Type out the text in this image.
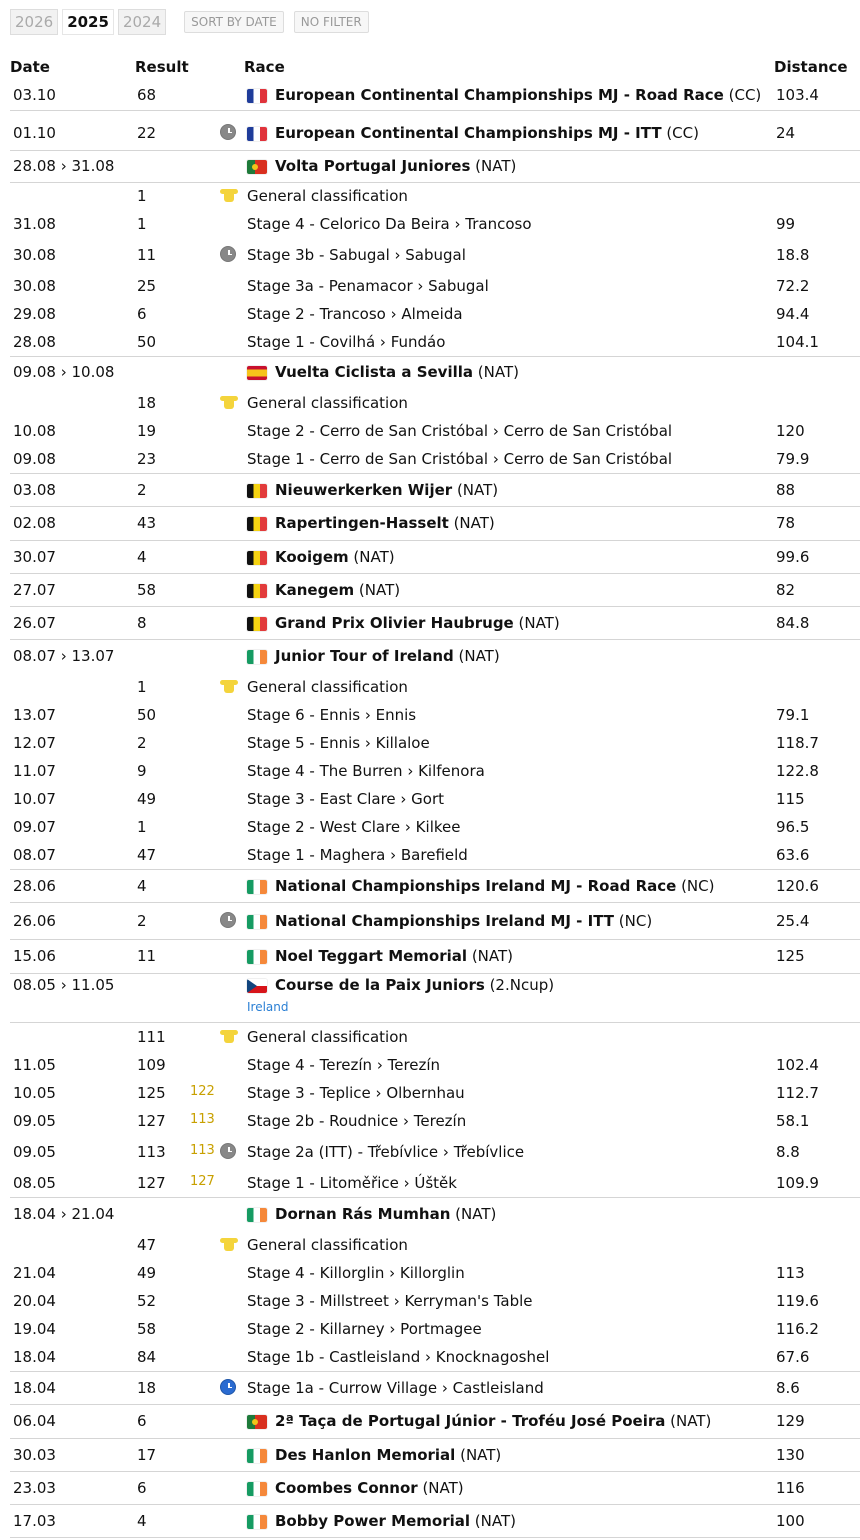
2026 2025 2024	SORT BY DATE	NO FILTER
Date	Result	Race	Distance
03.10	68	European Continental Championships MJ - Road Race (CC) 103.4
01.10	22	European Continental Championships MJ - ITT (CC)	24
28.08 › 31.08	Volta Portugal Juniores (NAT)
1	General classification
31.08	1	Stage 4 - Celorico Da Beira › Trancoso	99
30.08	11	Stage 3b - Sabugal › Sabugal	18.8
30.08	25	Stage 3a - Penamacor › Sabugal	72.2
29.08	6	Stage 2 - Trancoso › Almeida	94.4
28.08	50	Stage 1 - Covilhá › Fundáo	104.1
09.08 › 10.08	Vuelta Ciclista a Sevilla (NAT)
18	General classification
10.08	19	Stage 2 - Cerro de San Cristóbal › Cerro de San Cristóbal	120
09.08	23	Stage 1 - Cerro de San Cristóbal › Cerro de San Cristóbal	79.9
03.08	2	Nieuwerkerken Wijer (NAT)	88
02.08	43	Rapertingen-Hasselt (NAT)	78
30.07	4	Kooigem (NAT)	99.6
27.07	58	Kanegem (NAT)	82
26.07	8	Grand Prix Olivier Haubruge (NAT)	84.8
08.07 › 13.07	Junior Tour of Ireland (NAT)
1	General classification
13.07	50	Stage 6 - Ennis › Ennis	79.1
12.07	2	Stage 5 - Ennis › Killaloe	118.7
11.07	9	Stage 4 - The Burren › Kilfenora	122.8
10.07	49	Stage 3 - East Clare › Gort	115
09.07	1	Stage 2 - West Clare › Kilkee	96.5
08.07	47	Stage 1 - Maghera › Barefield	63.6
28.06	4	National Championships Ireland MJ - Road Race (NC)	120.6
26.06	2	National Championships Ireland MJ - ITT (NC)	25.4
15.06	11	Noel Teggart Memorial (NAT)	125
08.05 › 11.05	Course de la Paix Juniors (2.Ncup)
Ireland
111	General classification
11.05	109	Stage 4 - Terezín › Terezín	102.4
10.05	125 122 Stage 3 - Teplice › Olbernhau	112.7
09.05	127 113 Stage 2b - Roudnice › Terezín	58.1
09.05	113 113 Stage 2a (ITT) - Třebívlice › Třebívlice	8.8
08.05	127 127 Stage 1 - Litoměřice › Úštěk	109.9
18.04 › 21.04	Dornan Rás Mumhan (NAT)
47	General classification
21.04	49	Stage 4 - Killorglin › Killorglin	113
20.04	52	Stage 3 - Millstreet › Kerryman's Table	119.6
19.04	58	Stage 2 - Killarney › Portmagee	116.2
18.04	84	Stage 1b - Castleisland › Knocknagoshel	67.6
18.04	18	Stage 1a - Currow Village › Castleisland	8.6
06.04	6	2ª Taça de Portugal Júnior - Troféu José Poeira (NAT)	129
30.03	17	Des Hanlon Memorial (NAT)	130
23.03	6	Coombes Connor (NAT)	116
17.03	4	Bobby Power Memorial (NAT)	100
